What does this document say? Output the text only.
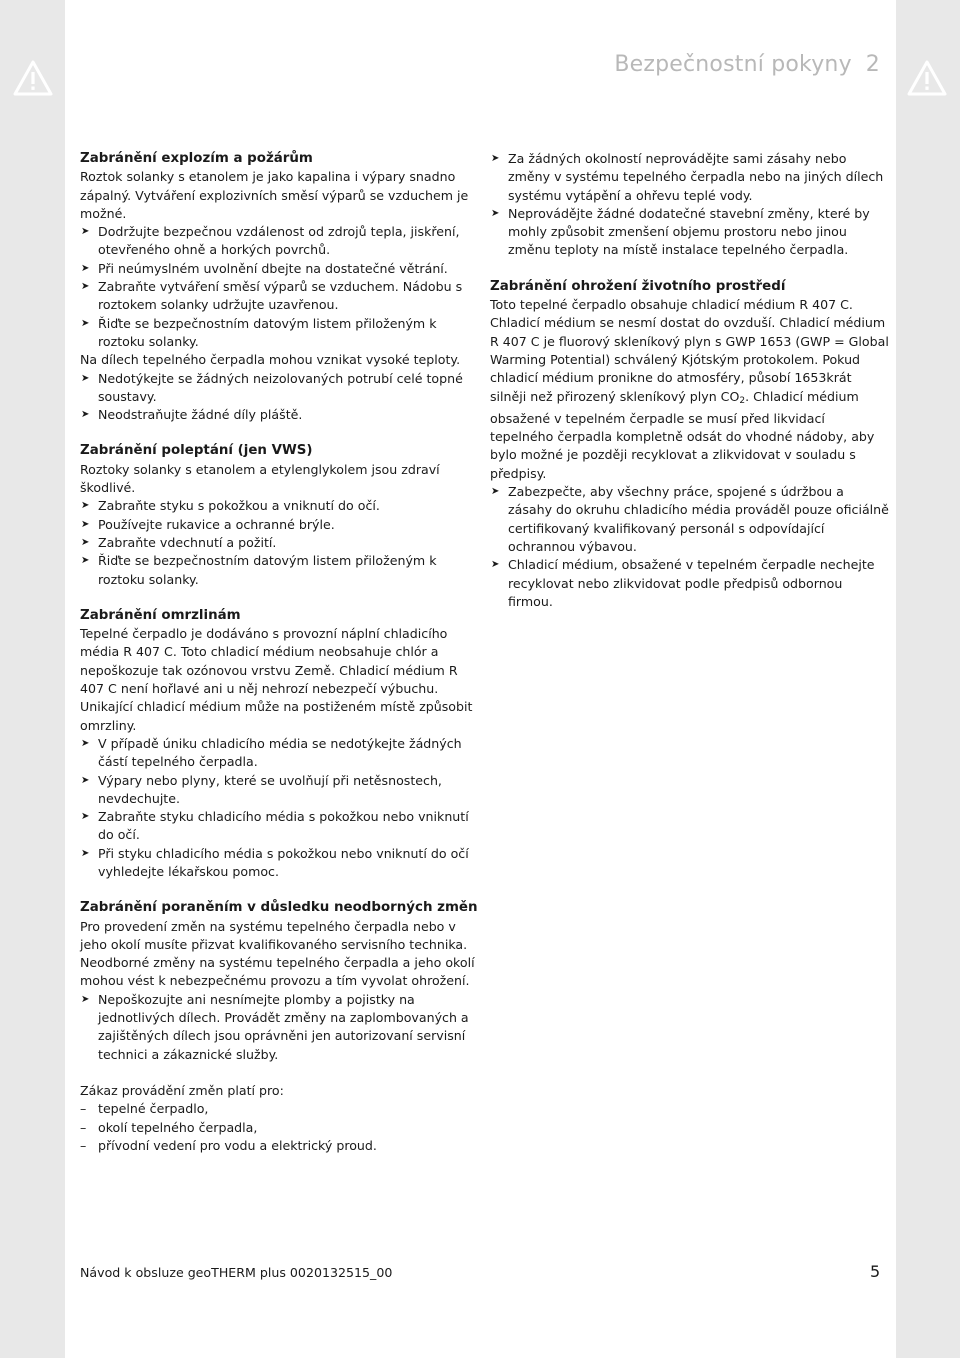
Bezpečnostní pokyny 2
Zabránění explozím a požárům

Roztok solanky s etanolem je jako kapalina i výpary snadno zápalný. Vytváření explozivních směsí výparů se vzduchem je možné.

➤ Dodržujte bezpečnou vzdálenost od zdrojů tepla, jiskření, otevřeného ohně a horkých povrchů.
➤ Při neúmyslném uvolnění dbejte na dostatečné větrání.
➤ Zabraňte vytváření směsí výparů se vzduchem. Nádobu s roztokem solanky udržujte uzavřenou.
➤ Řiďte se bezpečnostním datovým listem přiloženým k roztoku solanky.

Na dílech tepelného čerpadla mohou vznikat vysoké teploty.

➤ Nedotýkejte se žádných neizolovaných potrubí celé topné soustavy.
➤ Neodstraňujte žádné díly pláště.
Zabránění poleptání (jen VWS)

Roztoky solanky s etanolem a etylenglykolem jsou zdraví škodlivé.

➤ Zabraňte styku s pokožkou a vniknutí do očí.
➤ Používejte rukavice a ochranné brýle.
➤ Zabraňte vdechnutí a požití.
➤ Řiďte se bezpečnostním datovým listem přiloženým k roztoku solanky.
Zabránění omrzlinám

Tepelné čerpadlo je dodáváno s provozní náplní chladicího média R 407 C. Toto chladicí médium neobsahuje chlór a nepoškozuje tak ozónovou vrstvu Země. Chladicí médium R 407 C není hořlavé ani u něj nehrozí nebezpečí výbuchu. Unikající chladicí médium může na postiženém místě způsobit omrzliny.

➤ V případě úniku chladicího média se nedotýkejte žádných částí tepelného čerpadla.
➤ Výpary nebo plyny, které se uvolňují při netěsnostech, nevdechujte.
➤ Zabraňte styku chladicího média s pokožkou nebo vniknutí do očí.
➤ Při styku chladicího média s pokožkou nebo vniknutí do očí vyhledejte lékařskou pomoc.
Zabránění poraněním v důsledku neodborných změn

Pro provedení změn na systému tepelného čerpadla nebo v jeho okolí musíte přizvat kvalifikovaného servisního technika. Neodborné změny na systému tepelného čerpadla a jeho okolí mohou vést k nebezpečnému provozu a tím vyvolat ohrožení.

➤ Nepoškozujte ani nesnímejte plomby a pojistky na jednotlivých dílech. Provádět změny na zaplombovaných a zajištěných dílech jsou oprávněni jen autorizovaní servisní technici a zákaznické služby.

Zákaz provádění změn platí pro:

– tepelné čerpadlo,
– okolí tepelného čerpadla,
– přívodní vedení pro vodu a elektrický proud.
➤ Za žádných okolností neprovádějte sami zásahy nebo změny v systému tepelného čerpadla nebo na jiných dílech systému vytápění a ohřevu teplé vody.
➤ Neprovádějte žádné dodatečné stavební změny, které by mohly způsobit zmenšení objemu prostoru nebo jinou změnu teploty na místě instalace tepelného čerpadla.
Zabránění ohrožení životního prostředí

Toto tepelné čerpadlo obsahuje chladicí médium R 407 C. Chladicí médium se nesmí dostat do ovzduší. Chladicí médium R 407 C je fluorový skleníkový plyn s GWP 1653 (GWP = Global Warming Potential) schválený Kjótským protokolem. Pokud chladicí médium pronikne do atmosféry, působí 1653krát silněji než přirozený skleníkový plyn $CO_2$. Chladicí médium obsažené v tepelném čerpadle se musí před likvidací tepelného čerpadla kompletně odsát do vhodné nádoby, aby bylo možné je později recyklovat a zlikvidovat v souladu s předpisy.

➤ Zabezpečte, aby všechny práce, spojené s údržbou a zásahy do okruhu chladicího média prováděl pouze oficiálně certifikovaný kvalifikovaný personál s odpovídající ochrannou výbavou.
➤ Chladicí médium, obsažené v tepelném čerpadle nechejte recyklovat nebo zlikvidovat podle předpisů odbornou firmou.
Návod k obsluze geoTHERM plus 0020132515_00	5
